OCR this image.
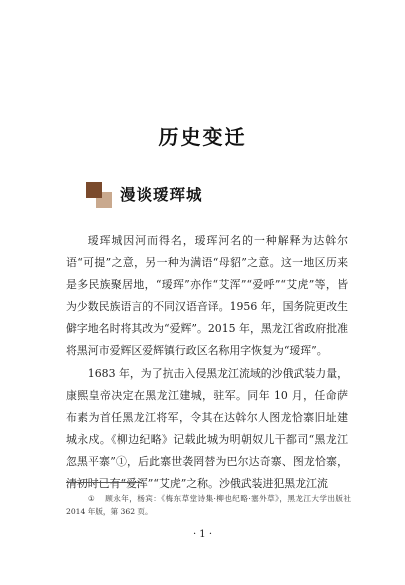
历史变迁
漫谈瑷珲城

瑷珲城因河而得名，瑷珲河名的一种解释为达斡尔语“可提”之意，另一种为满语“母貂”之意。这一地区历来是多民族聚居地，“瑷珲”亦作“艾浑”“爱呼”“艾虎”等，皆为少数民族语言的不同汉语音译。1956 年，国务院更改生僻字地名时将其改为“爱辉”。2015 年，黑龙江省政府批准将黑河市爱辉区爱辉镇行政区名称用字恢复为“瑷珲”。

1683 年，为了抗击入侵黑龙江流域的沙俄武装力量，康熙皇帝决定在黑龙江建城，驻军。同年 10 月，任命萨布素为首任黑龙江将军，令其在达斡尔人图龙恰寨旧址建城永戍。《柳边纪略》记载此城为明朝奴儿干都司“黑龙江忽黑平寨”①，后此寨世袭罔替为巴尔达奇寨、图龙恰寨，清初时已有“爱浑”“艾虎”之称。沙俄武装进犯黑龙江流

① 顾永年，杨宾：《梅东草堂诗集·柳也纪略·塞外草》，黑龙江大学出版社 2014 年版，第 362 页。
· 1 ·
